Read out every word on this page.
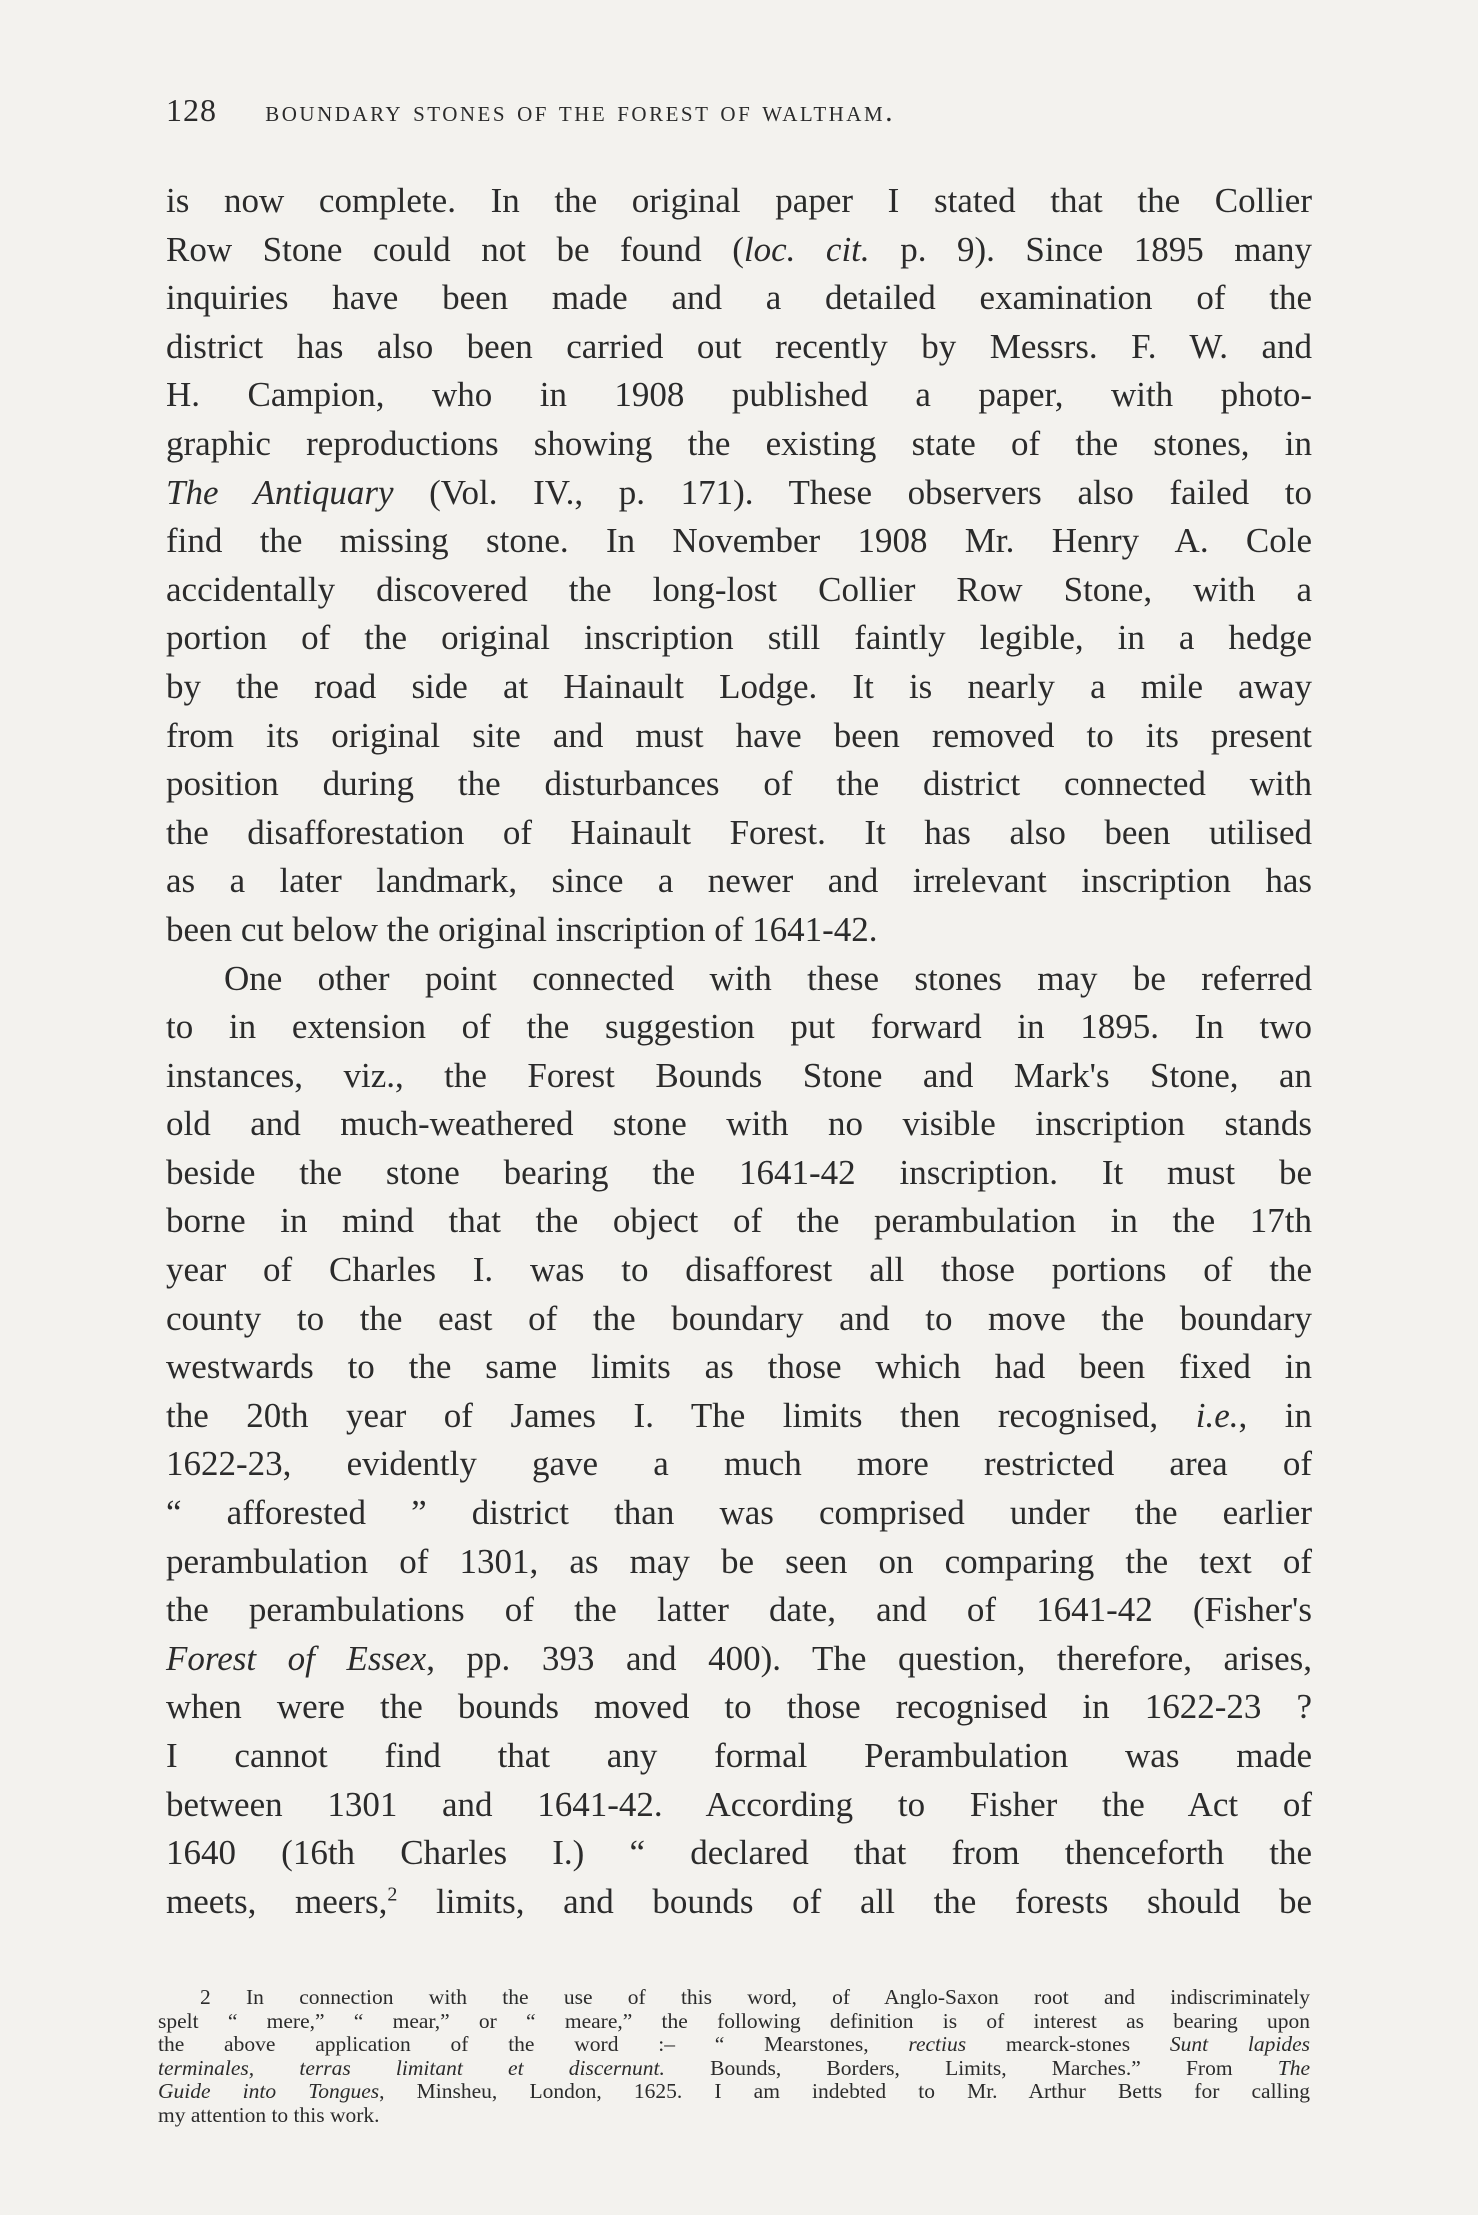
128 boundary stones of the forest of waltham.

is now complete. In the original paper I stated that the Collier
Row Stone could not be found (loc. cit. p. 9). Since 1895 many
inquiries have been made and a detailed examination of the
district has also been carried out recently by Messrs. F. W. and
H. Campion, who in 1908 published a paper, with photo-
graphic reproductions showing the existing state of the stones, in
The Antiquary (Vol. IV., p. 171). These observers also failed to
find the missing stone. In November 1908 Mr. Henry A. Cole
accidentally discovered the long-lost Collier Row Stone, with a
portion of the original inscription still faintly legible, in a hedge
by the road side at Hainault Lodge. It is nearly a mile away
from its original site and must have been removed to its present
position during the disturbances of the district connected with
the disafforestation of Hainault Forest. It has also been utilised
as a later landmark, since a newer and irrelevant inscription has
been cut below the original inscription of 1641-42.

One other point connected with these stones may be referred
to in extension of the suggestion put forward in 1895. In two
instances, viz., the Forest Bounds Stone and Mark's Stone, an
old and much-weathered stone with no visible inscription stands
beside the stone bearing the 1641-42 inscription. It must be
borne in mind that the object of the perambulation in the 17th
year of Charles I. was to disafforest all those portions of the
county to the east of the boundary and to move the boundary
westwards to the same limits as those which had been fixed in
the 20th year of James I. The limits then recognised, i.e., in
1622-23, evidently gave a much more restricted area of
“ afforested ” district than was comprised under the earlier
perambulation of 1301, as may be seen on comparing the text of
the perambulations of the latter date, and of 1641-42 (Fisher's
Forest of Essex, pp. 393 and 400). The question, therefore, arises,
when were the bounds moved to those recognised in 1622-23 ?
I cannot find that any formal Perambulation was made
between 1301 and 1641-42. According to Fisher the Act of
1640 (16th Charles I.) “ declared that from thenceforth the
meets, meers,$^2$ limits, and bounds of all the forests should be

2 In connection with the use of this word, of Anglo-Saxon root and indiscriminately
spelt “ mere,” “ mear,” or “ meare,” the following definition is of interest as bearing upon
the above application of the word :– “ Mearstones, rectius mearck-stones Sunt lapides
terminales, terras limitant et discernunt. Bounds, Borders, Limits, Marches.” From The
Guide into Tongues, Minsheu, London, 1625. I am indebted to Mr. Arthur Betts for calling
my attention to this work.
